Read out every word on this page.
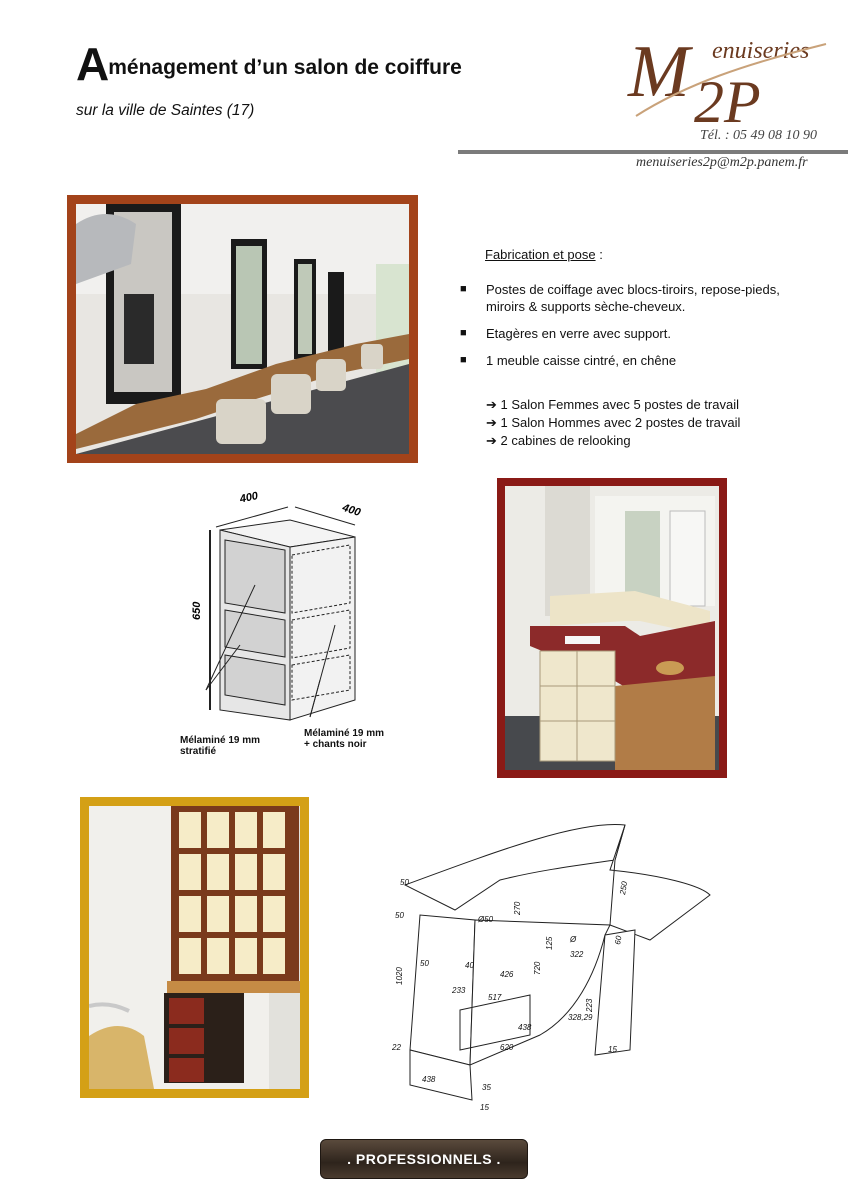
Aménagement d’un salon de coiffure
sur la ville de Saintes (17)	M 2P
enuiseries
Tél. : 05 49 08 10 90
menuiseries2p@m2p.panem.fr
Fabrication et pose :
■ Postes de coiffage avec blocs-tiroirs, repose-pieds, miroirs & supports sèche-cheveux.
■ Etagères en verre avec support.
■ 1 meuble caisse cintré, en chêne
➔ 1 Salon Femmes avec 5 postes de travail
➔ 1 Salon Hommes avec 2 postes de travail
➔ 2 cabines de relooking
400
400
650
Mélaminé 19 mm
stratifié
Mélaminé 19 mm
+ chants noir
50
50	Ø50
270
250
60
125 Ø
322
40
426 720
50
233
1020
517
438
328,29
223
22	620	15
438
35
15
. PROFESSIONNELS .
